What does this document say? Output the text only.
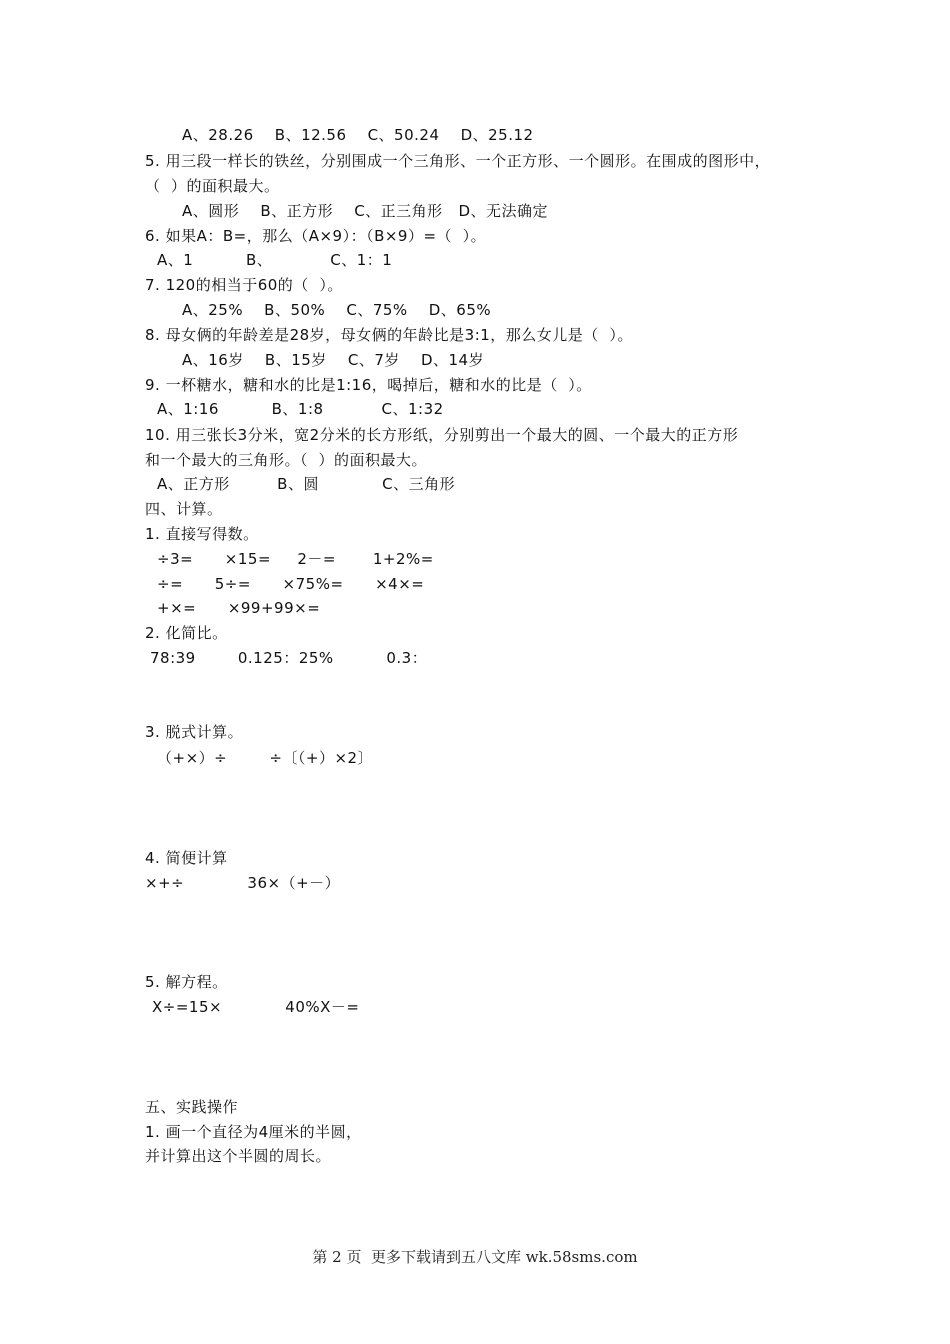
A、28.26    B、12.56    C、50.24    D、25.12
5. 用三段一样长的铁丝，分别围成一个三角形、一个正方形、一个圆形。在围成的图形中，
（  ）的面积最大。
A、圆形    B、正方形    C、正三角形   D、无法确定
6. 如果A：B=，那么（A×9）：（B×9）=（  ）。
A、1          B、           C、1：1
7. 120的相当于60的（  ）。
A、25%    B、50%    C、75%    D、65%
8. 母女俩的年龄差是28岁，母女俩的年龄比是3:1，那么女儿是（  ）。
A、16岁    B、15岁    C、7岁    D、14岁
9. 一杯糖水，糖和水的比是1:16，喝掉后，糖和水的比是（  ）。
A、1:16          B、1:8           C、1:32
10. 用三张长3分米，宽2分米的长方形纸，分别剪出一个最大的圆、一个最大的正方形
和一个最大的三角形。（  ）的面积最大。
A、正方形         B、圆            C、三角形
四、计算。
1. 直接写得数。
÷3=      ×15=     2－=       1+2%=
÷=      5÷=      ×75%=      ×4×=
+×=      ×99+99×=
2. 化简比。
78:39        0.125：25%          0.3：
3. 脱式计算。
（+×）÷        ÷〔（+）×2〕
4. 简便计算
×+÷            36×（+－）
5. 解方程。
X÷=15×            40%X－=
五、实践操作
1. 画一个直径为4厘米的半圆，
并计算出这个半圆的周长。
第 2 页  更多下载请到五八文库 wk.58sms.com
